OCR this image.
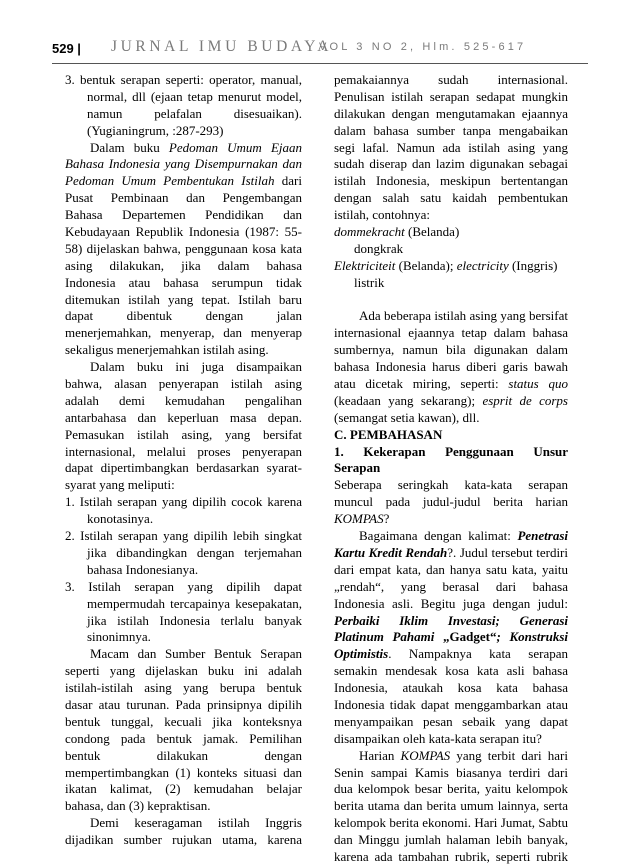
529 | JURNAL IMU BUDAYA
VOL 3 NO 2, Hlm. 525-617
3. bentuk serapan seperti: operator, manual,
normal, dll (ejaan tetap menurut model,
namun pelafalan disesuaikan).
(Yugianingrum, :287-293)
Dalam buku Pedoman Umum Ejaan
Bahasa Indonesia yang Disempurnakan dan
Pedoman Umum Pembentukan Istilah dari
Pusat Pembinaan dan Pengembangan
Bahasa Departemen Pendidikan dan
Kebudayaan Republik Indonesia (1987: 55-
58) dijelaskan bahwa, penggunaan kosa kata
asing dilakukan, jika dalam bahasa
Indonesia atau bahasa serumpun tidak
ditemukan istilah yang tepat. Istilah baru
dapat dibentuk dengan jalan
menerjemahkan, menyerap, dan menyerap
sekaligus menerjemahkan istilah asing.
Dalam buku ini juga disampaikan
bahwa, alasan penyerapan istilah asing
adalah demi kemudahan pengalihan
antarbahasa dan keperluan masa depan.
Pemasukan istilah asing, yang bersifat
internasional, melalui proses penyerapan
dapat dipertimbangkan berdasarkan syarat-
syarat yang meliputi:
1. Istilah serapan yang dipilih cocok karena
konotasinya.
2. Istilah serapan yang dipilih lebih singkat
jika dibandingkan dengan terjemahan
bahasa Indonesianya.
3. Istilah serapan yang dipilih dapat
mempermudah tercapainya kesepakatan,
jika istilah Indonesia terlalu banyak
sinonimnya.
Macam dan Sumber Bentuk Serapan
seperti yang dijelaskan buku ini adalah
istilah-istilah asing yang berupa bentuk
dasar atau turunan. Pada prinsipnya dipilih
bentuk tunggal, kecuali jika konteksnya
condong pada bentuk jamak. Pemilihan
bentuk dilakukan dengan
mempertimbangkan (1) konteks situasi dan
ikatan kalimat, (2) kemudahan belajar
bahasa, dan (3) kepraktisan.
Demi keseragaman istilah Inggris
dijadikan sumber rujukan utama, karena
pemakaiannya sudah internasional.
Penulisan istilah serapan sedapat mungkin
dilakukan dengan mengutamakan ejaannya
dalam bahasa sumber tanpa mengabaikan
segi lafal. Namun ada istilah asing yang
sudah diserap dan lazim digunakan sebagai
istilah Indonesia, meskipun bertentangan
dengan salah satu kaidah pembentukan
istilah, contohnya:
dommekracht (Belanda)
dongkrak
Elektriciteit (Belanda); electricity (Inggris)
listrik
Ada beberapa istilah asing yang bersifat
internasional ejaannya tetap dalam bahasa
sumbernya, namun bila digunakan dalam
bahasa Indonesia harus diberi garis bawah
atau dicetak miring, seperti: status quo
(keadaan yang sekarang); esprit de corps
(semangat setia kawan), dll.
C. PEMBAHASAN
1. Kekerapan Penggunaan Unsur
Serapan
Seberapa seringkah kata-kata serapan
muncul pada judul-judul berita harian
KOMPAS?
Bagaimana dengan kalimat: Penetrasi
Kartu Kredit Rendah?. Judul tersebut terdiri
dari empat kata, dan hanya satu kata, yaitu
„rendah“, yang berasal dari bahasa
Indonesia asli. Begitu juga dengan judul:
Perbaiki Iklim Investasi; Generasi
Platinum Pahami „Gadget“; Konstruksi
Optimistis. Nampaknya kata serapan
semakin mendesak kosa kata asli bahasa
Indonesia, ataukah kosa kata bahasa
Indonesia tidak dapat menggambarkan atau
menyampaikan pesan sebaik yang dapat
disampaikan oleh kata-kata serapan itu?
Harian KOMPAS yang terbit dari hari
Senin sampai Kamis biasanya terdiri dari
dua kelompok besar berita, yaitu kelompok
berita utama dan berita umum lainnya, serta
kelompok berita ekonomi. Hari Jumat, Sabtu
dan Minggu jumlah halaman lebih banyak,
karena ada tambahan rubrik, seperti rubrik
